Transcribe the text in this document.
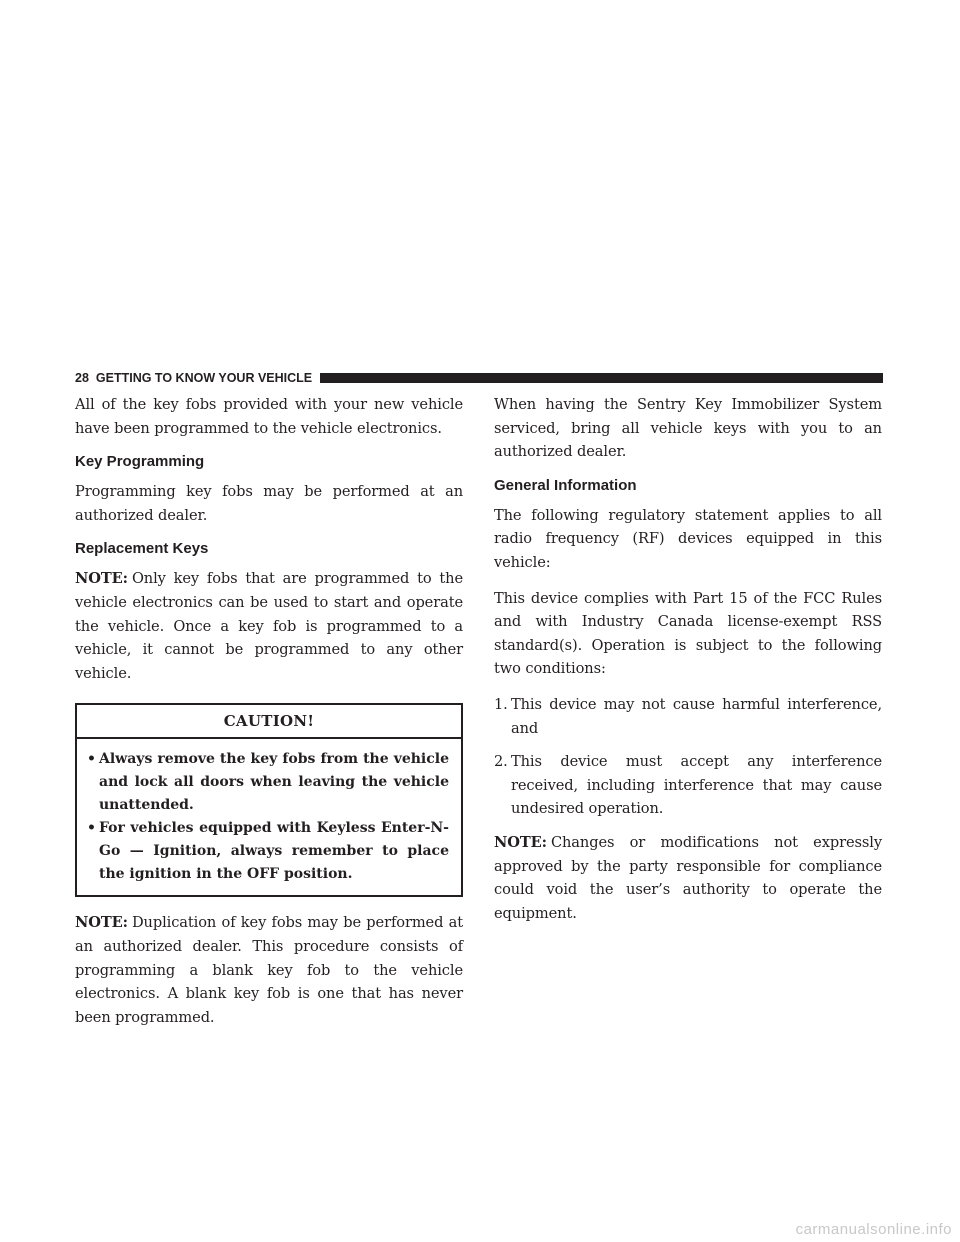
28 GETTING TO KNOW YOUR VEHICLE

All of the key fobs provided with your new vehicle have been programmed to the vehicle electronics.

Key Programming

Programming key fobs may be performed at an authorized dealer.

Replacement Keys

NOTE: Only key fobs that are programmed to the vehicle electronics can be used to start and operate the vehicle. Once a key fob is programmed to a vehicle, it cannot be programmed to any other vehicle.

CAUTION!
• Always remove the key fobs from the vehicle and lock all doors when leaving the vehicle unattended.
• For vehicles equipped with Keyless Enter-N-Go — Ignition, always remember to place the ignition in the OFF position.

NOTE: Duplication of key fobs may be performed at an authorized dealer. This procedure consists of programming a blank key fob to the vehicle electronics. A blank key fob is one that has never been programmed.

When having the Sentry Key Immobilizer System serviced, bring all vehicle keys with you to an authorized dealer.

General Information

The following regulatory statement applies to all radio frequency (RF) devices equipped in this vehicle:

This device complies with Part 15 of the FCC Rules and with Industry Canada license-exempt RSS standard(s). Operation is subject to the following two conditions:

1. This device may not cause harmful interference, and
2. This device must accept any interference received, including interference that may cause undesired operation.

NOTE: Changes or modifications not expressly approved by the party responsible for compliance could void the user’s authority to operate the equipment.

carmanualsonline.info
